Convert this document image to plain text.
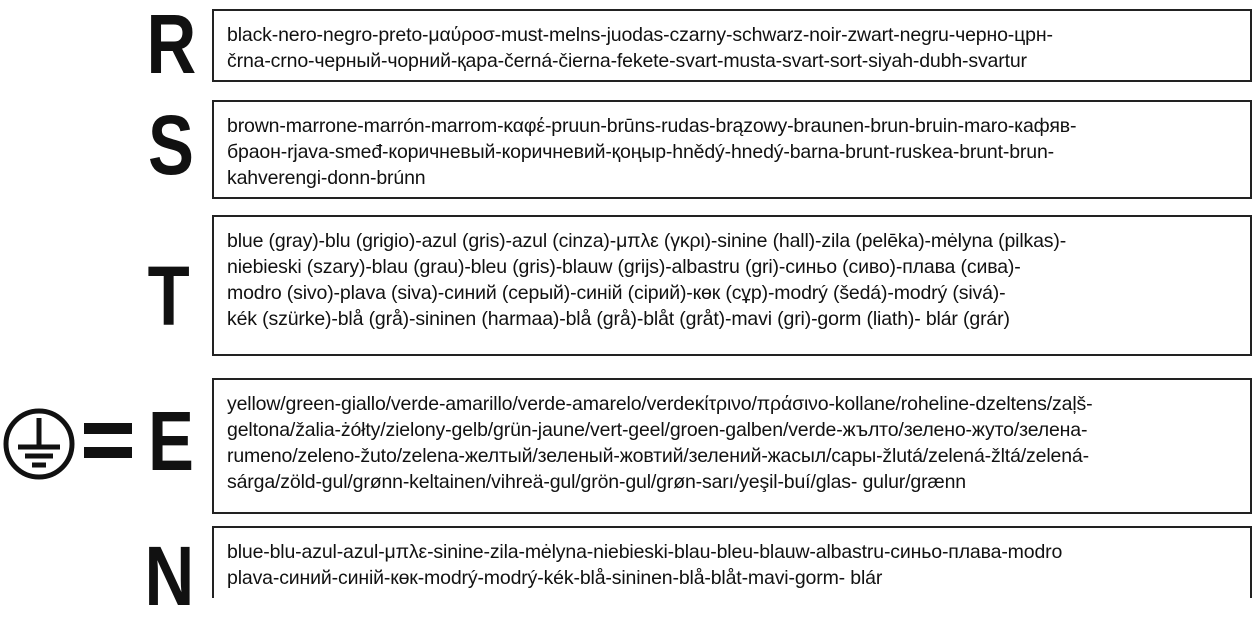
R black-nero-negro-preto-μαύροσ-must-melns-juodas-czarny-schwarz-noir-zwart-negru-черно-црн-
črna-crno-черный-чорний-қара-černá-čierna-fekete-svart-musta-svart-sort-siyah-dubh-svartur
S brown-marrone-marrón-marrom-καφέ-pruun-brūns-rudas-brązowy-braunen-brun-bruin-maro-кафяв-
браон-rjava-smeđ-коричневый-коричневий-қоңыр-hnědý-hnedý-barna-brunt-ruskea-brunt-brun-
kahverengi-donn-brúnn
T
blue (gray)-blu (grigio)-azul (gris)-azul (cinza)-μπλε (γκρι)-sinine (hall)-zila (pelēka)-mėlyna (pilkas)-
niebieski (szary)-blau (grau)-bleu (gris)-blauw (grijs)-albastru (gri)-синьо (сиво)-плава (сива)-
modro (sivo)-plava (siva)-синий (серый)-синій (сірий)-көк (сұр)-modrý (šedá)-modrý (sivá)-
kék (szürke)-blå (grå)-sininen (harmaa)-blå (grå)-blåt (gråt)-mavi (gri)-gorm (liath)- blár (grár)
E yellow/green-giallo/verde-amarillo/verde-amarelo/verdeκίτρινο/πράσινο-kollane/roheline-dzeltens/zaļš-
geltona/žalia-żółty/zielony-gelb/grün-jaune/vert-geel/groen-galben/verde-жълто/зелено-жуто/зелена-
rumeno/zeleno-žuto/zelena-желтый/зеленый-жовтий/зелений-жасыл/сары-žlutá/zelená-žltá/zelená-
sárga/zöld-gul/grønn-keltainen/vihreä-gul/grön-gul/grøn-sarı/yeşil-buí/glas- gulur/grænn
N blue-blu-azul-azul-μπλε-sinine-zila-mėlyna-niebieski-blau-bleu-blauw-albastru-синьо-плава-modro
plava-синий-синій-көк-modrý-modrý-kék-blå-sininen-blå-blåt-mavi-gorm- blár
